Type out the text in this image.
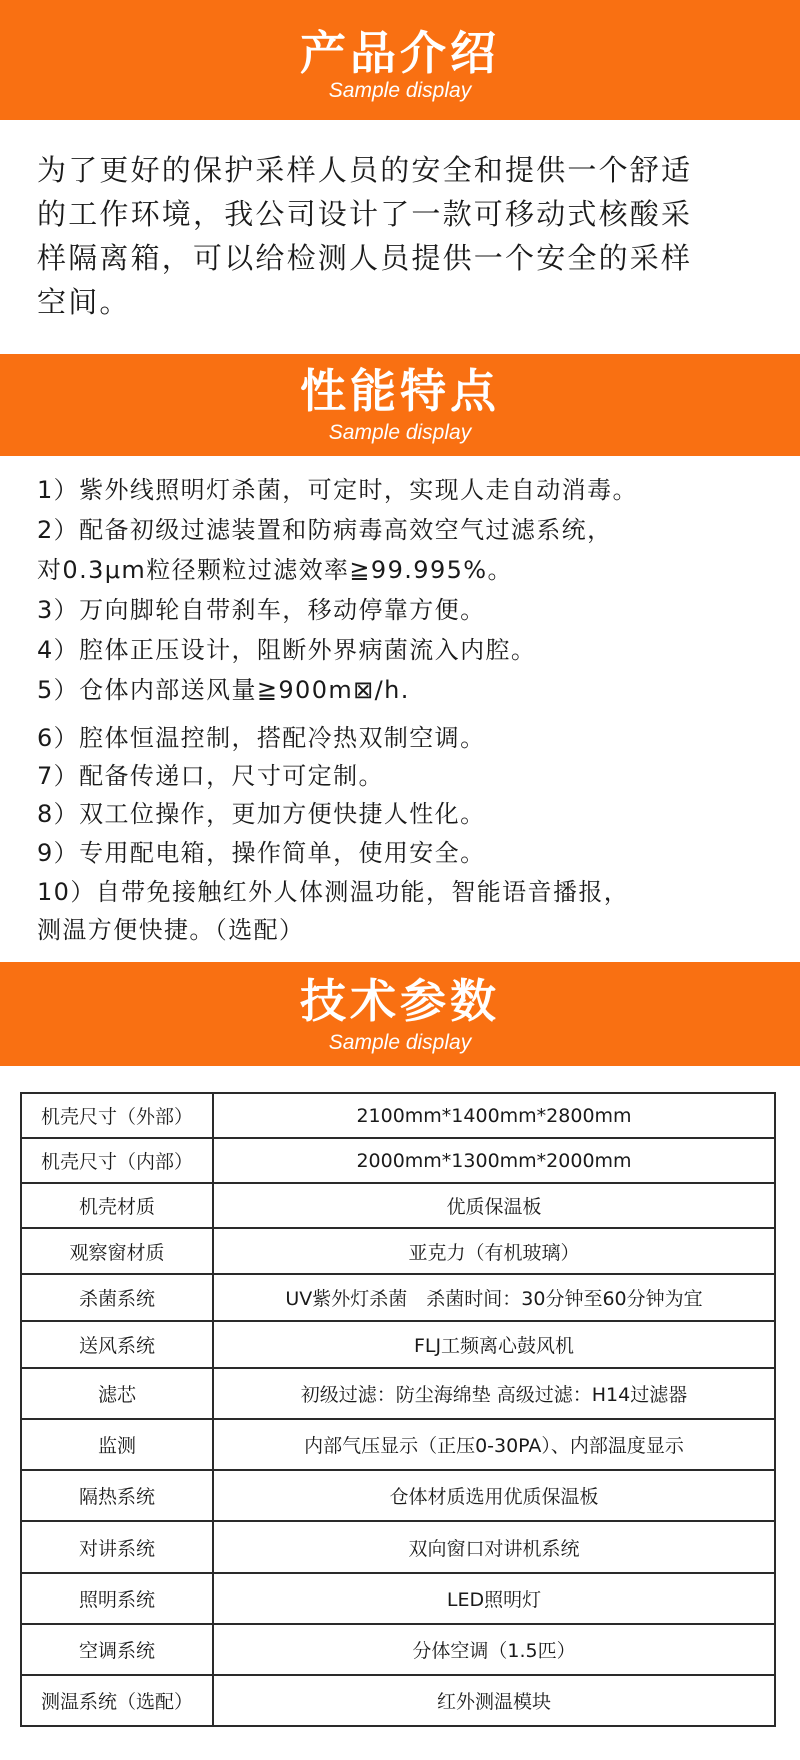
产品介绍
Sample display

为了更好的保护采样人员的安全和提供一个舒适
的工作环境，我公司设计了一款可移动式核酸采
样隔离箱，可以给检测人员提供一个安全的采样
空间。

性能特点
Sample display
1）紫外线照明灯杀菌，可定时，实现人走自动消毒。
2）配备初级过滤装置和防病毒高效空气过滤系统，
对0.3μm粒径颗粒过滤效率≧99.995%。
3）万向脚轮自带刹车，移动停靠方便。
4）腔体正压设计，阻断外界病菌流入内腔。
5）仓体内部送风量≧900m⊠/h.
6）腔体恒温控制，搭配冷热双制空调。
7）配备传递口，尺寸可定制。
8）双工位操作，更加方便快捷人性化。
9）专用配电箱，操作简单，使用安全。
10）自带免接触红外人体测温功能，智能语音播报，
测温方便快捷。（选配）
技术参数
Sample display
机壳尺寸（外部）	2100mm*1400mm*2800mm
机壳尺寸（内部）	2000mm*1300mm*2000mm
机壳材质	优质保温板
观察窗材质	亚克力（有机玻璃）
杀菌系统	UV紫外灯杀菌　杀菌时间：30分钟至60分钟为宜
送风系统	FLJ工频离心鼓风机
滤芯	初级过滤：防尘海绵垫 高级过滤：H14过滤器
监测	内部气压显示（正压0-30PA）、内部温度显示
隔热系统	仓体材质选用优质保温板
对讲系统	双向窗口对讲机系统
照明系统	LED照明灯
空调系统	分体空调（1.5匹）
测温系统（选配）	红外测温模块
